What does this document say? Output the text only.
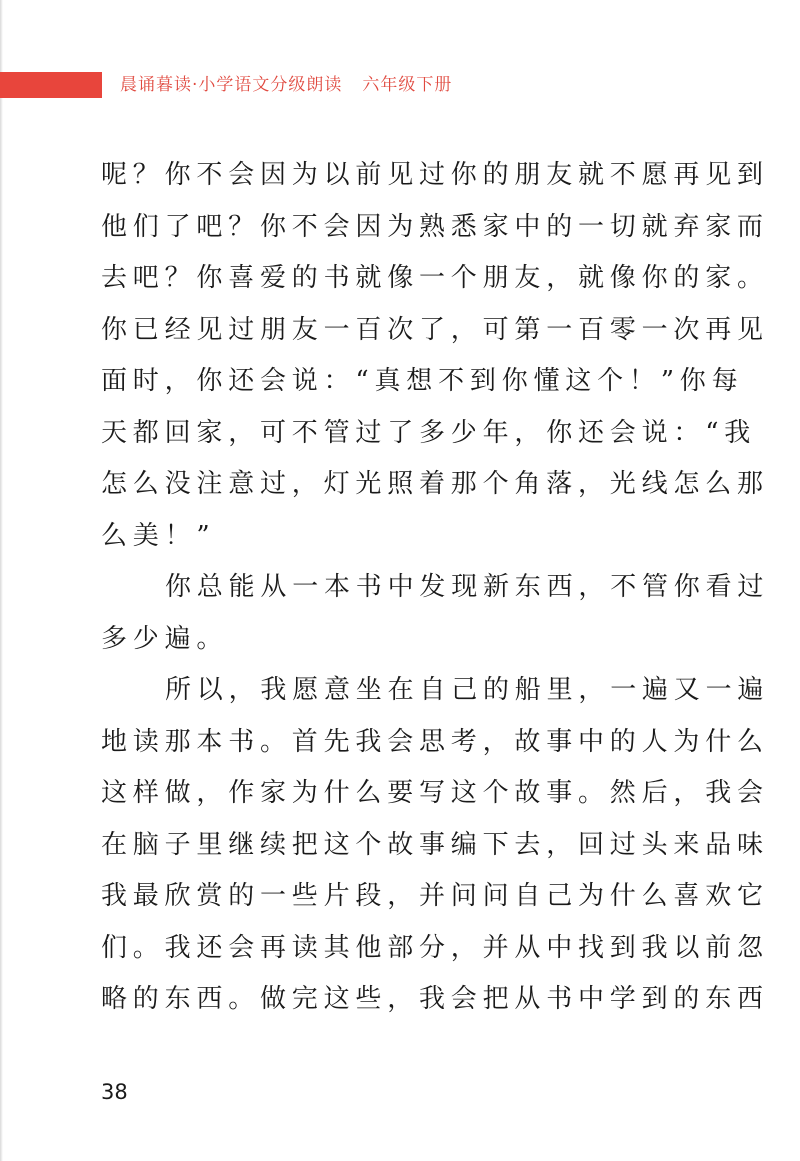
晨诵暮读·小学语文分级朗读 六年级下册
呢？你不会因为以前见过你的朋友就不愿再见到
他们了吧？你不会因为熟悉家中的一切就弃家而
去吧？你喜爱的书就像一个朋友，就像你的家。
你已经见过朋友一百次了，可第一百零一次再见
面时，你还会说：“真想不到你懂这个！”你每
天都回家，可不管过了多少年，你还会说：“我
怎么没注意过，灯光照着那个角落，光线怎么那
么美！”
你总能从一本书中发现新东西，不管你看过
多少遍。
所以，我愿意坐在自己的船里，一遍又一遍
地读那本书。首先我会思考，故事中的人为什么
这样做，作家为什么要写这个故事。然后，我会
在脑子里继续把这个故事编下去，回过头来品味
我最欣赏的一些片段，并问问自己为什么喜欢它
们。我还会再读其他部分，并从中找到我以前忽
略的东西。做完这些，我会把从书中学到的东西
38
